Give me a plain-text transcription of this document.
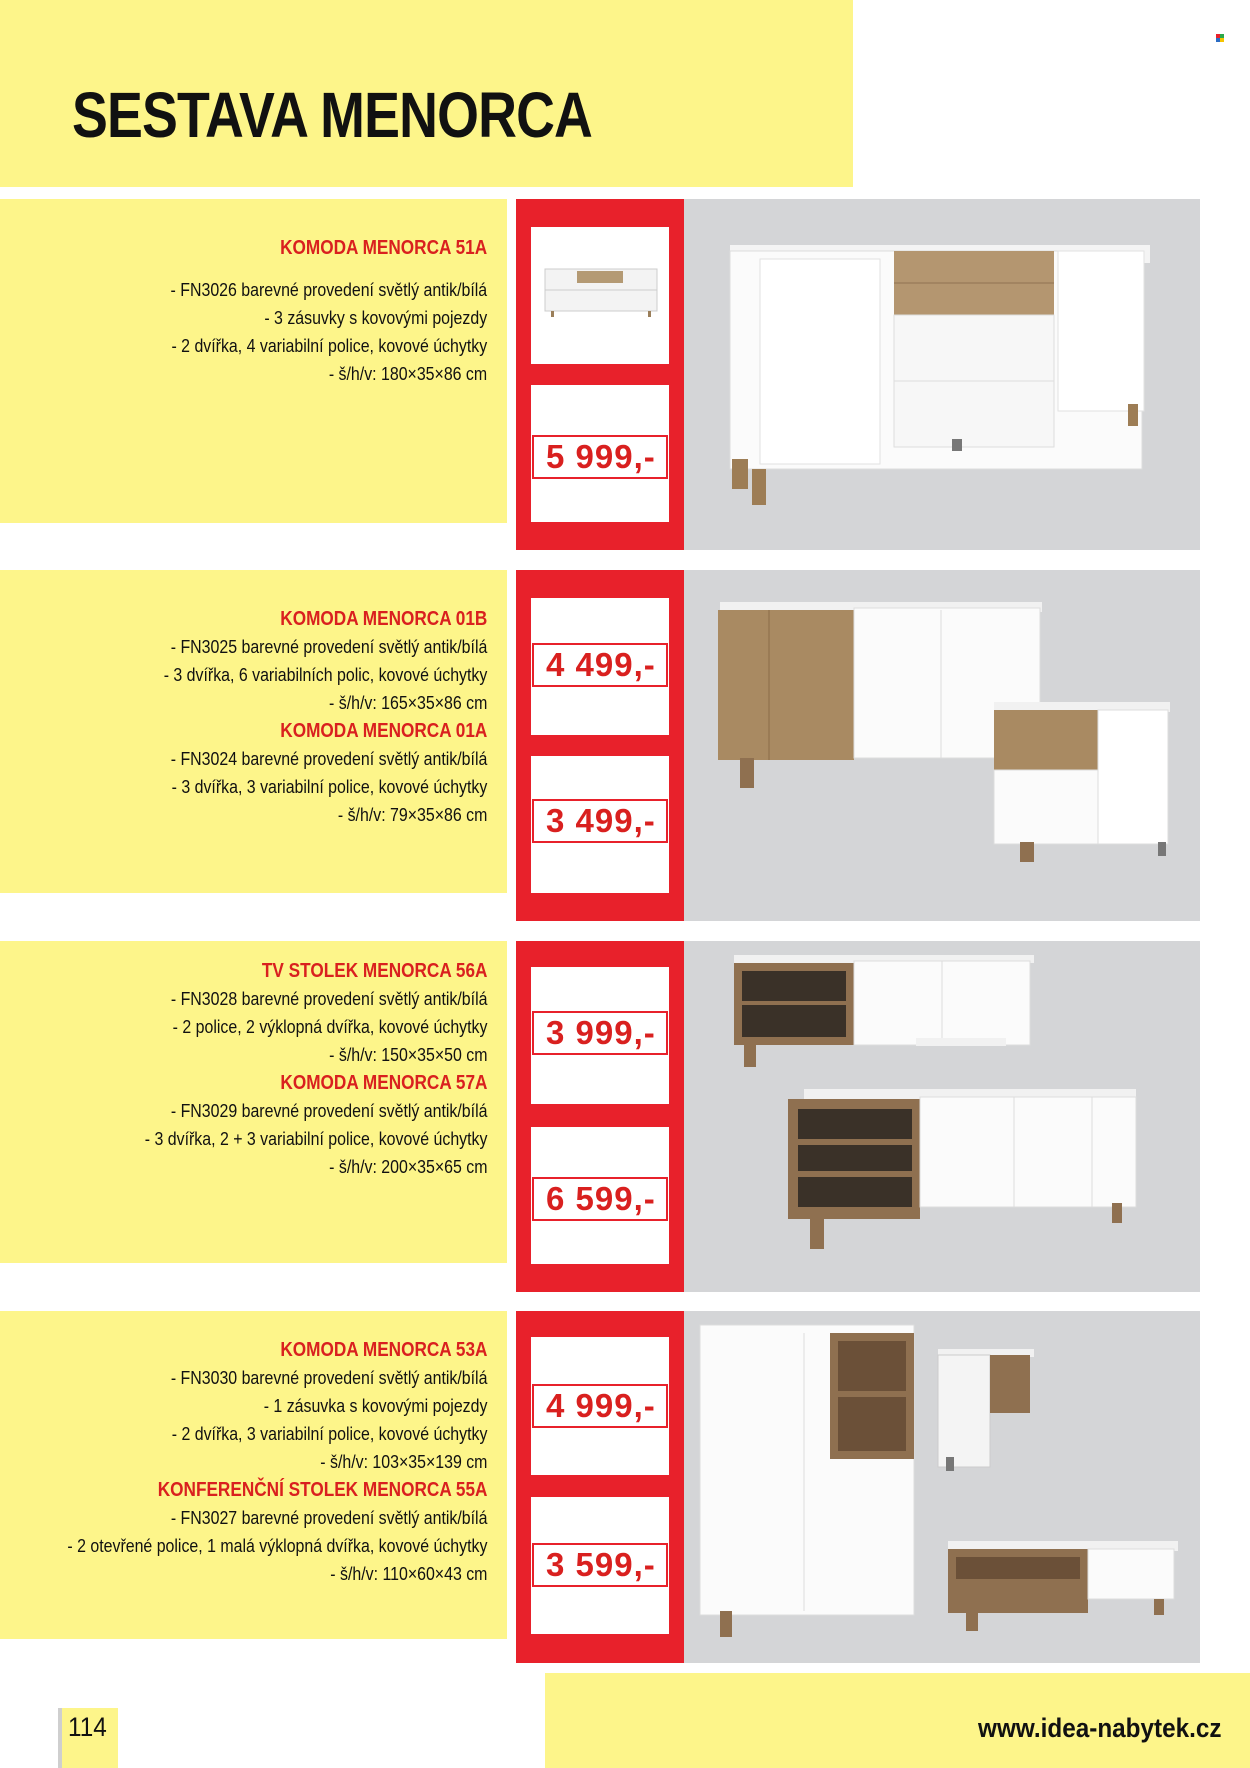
SESTAVA MENORCA
KOMODA MENORCA 51A
- FN3026 barevné provedení světlý antik/bílá
- 3 zásuvky s kovovými pojezdy
- 2 dvířka, 4 variabilní police, kovové úchytky
- š/h/v: 180×35×86 cm
5 999,-
KOMODA MENORCA 01B
- FN3025 barevné provedení světlý antik/bílá
- 3 dvířka, 6 variabilních polic, kovové úchytky
- š/h/v: 165×35×86 cm
KOMODA MENORCA 01A
- FN3024 barevné provedení světlý antik/bílá
- 3 dvířka, 3 variabilní police, kovové úchytky
- š/h/v: 79×35×86 cm
4 499,-
3 499,-
TV STOLEK MENORCA 56A
- FN3028 barevné provedení světlý antik/bílá
- 2 police, 2 výklopná dvířka, kovové úchytky
- š/h/v: 150×35×50 cm
KOMODA MENORCA 57A
- FN3029 barevné provedení světlý antik/bílá
- 3 dvířka, 2 + 3 variabilní police, kovové úchytky
- š/h/v: 200×35×65 cm
3 999,-
6 599,-
KOMODA MENORCA 53A
- FN3030 barevné provedení světlý antik/bílá
- 1 zásuvka s kovovými pojezdy
- 2 dvířka, 3 variabilní police, kovové úchytky
- š/h/v: 103×35×139 cm
KONFERENČNÍ STOLEK MENORCA 55A
- FN3027 barevné provedení světlý antik/bílá
- 2 otevřené police, 1 malá výklopná dvířka, kovové úchytky
- š/h/v: 110×60×43 cm
4 999,-
3 599,-
www.idea-nabytek.cz
114
